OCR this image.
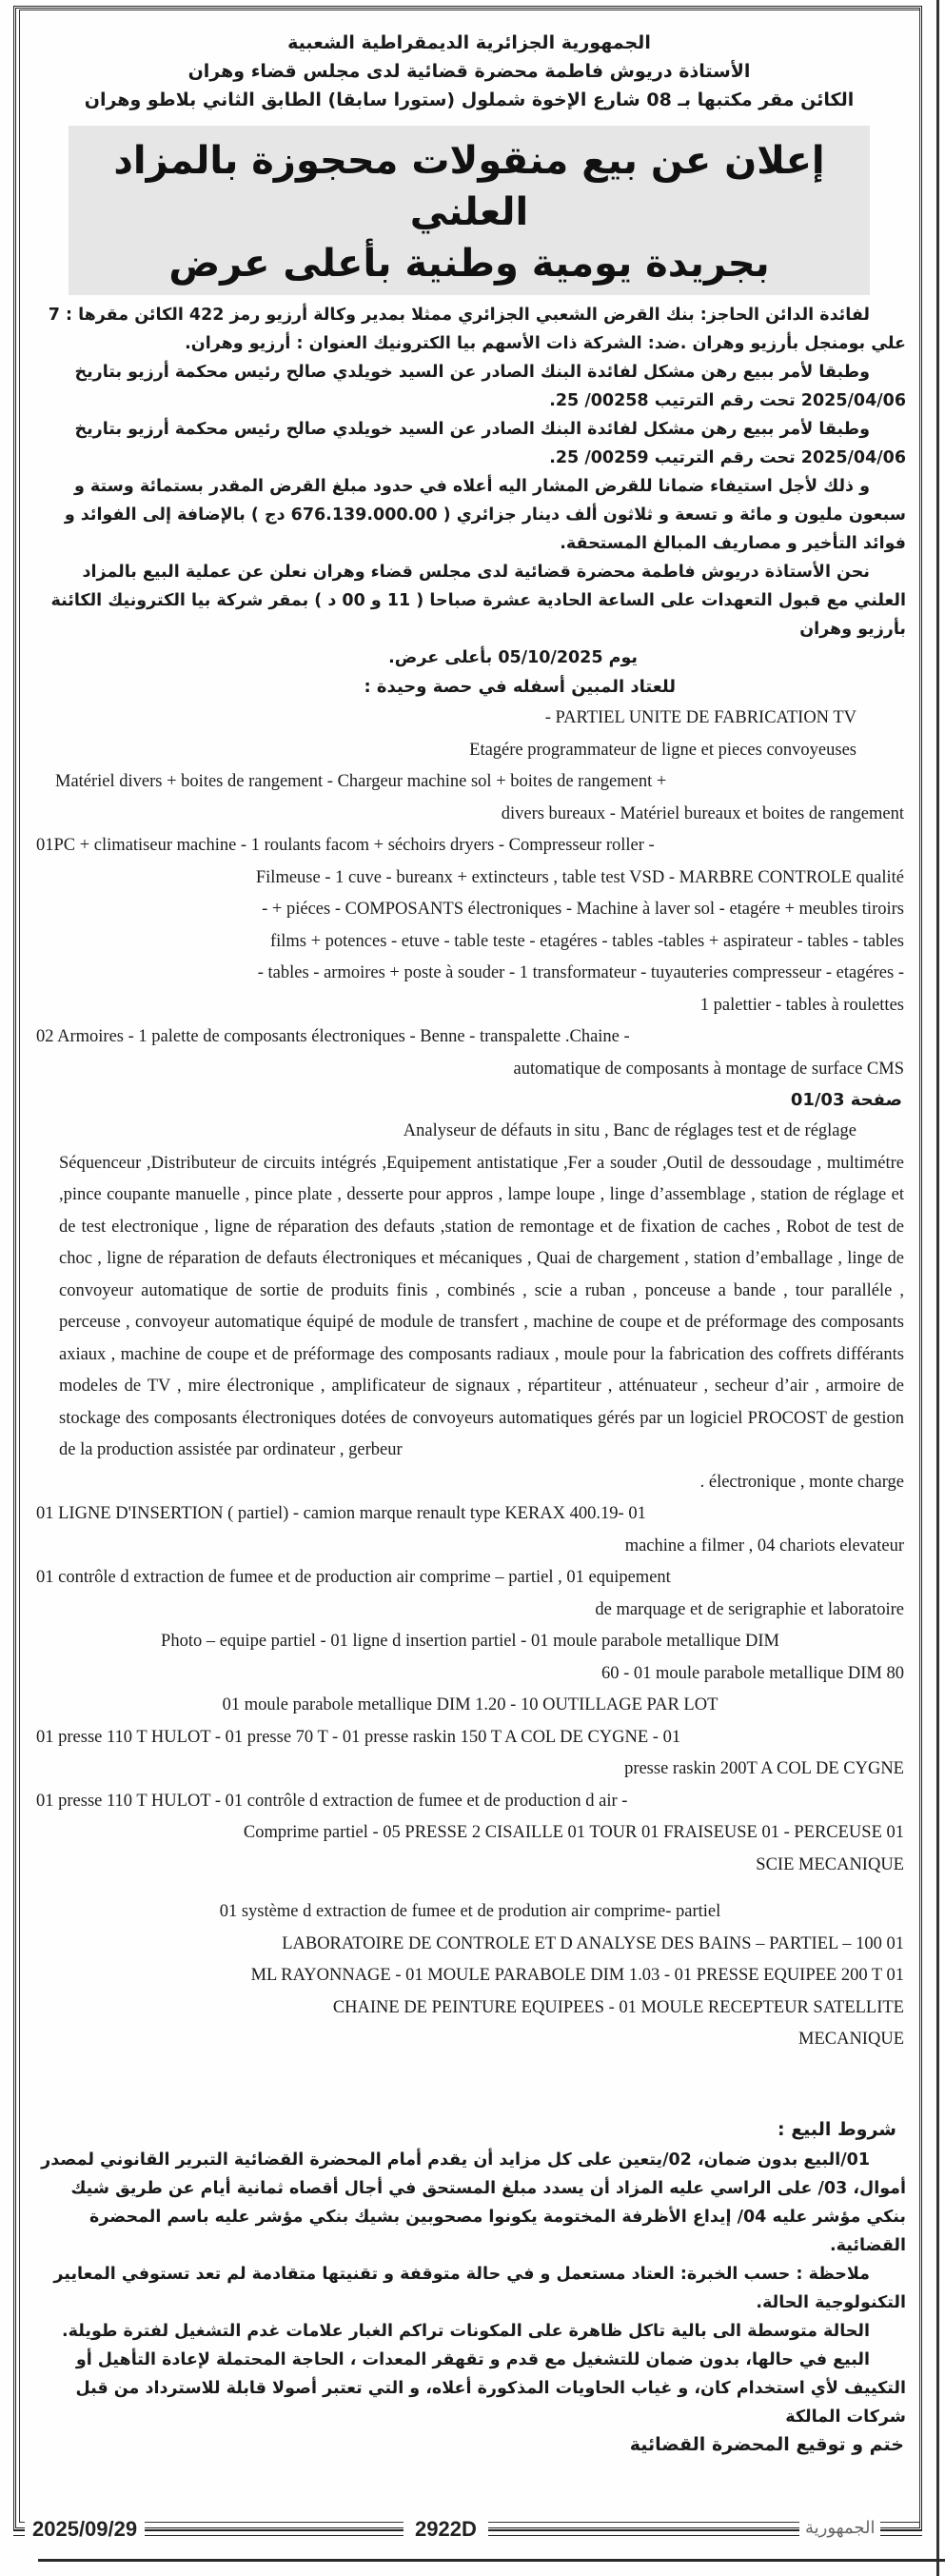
الجمهورية الجزائرية الديمقراطية الشعبية
الأستاذة دريوش فاطمة محضرة قضائية لدى مجلس قضاء وهران
الكائن مقر مكتبها بـ 08 شارع الإخوة شملول (ستورا سابقا) الطابق الثاني بلاطو وهران
إعلان عن بيع منقولات محجوزة بالمزاد العلني
بجريدة يومية وطنية بأعلى عرض

لفائدة الدائن الحاجز: بنك القرض الشعبي الجزائري ممثلا بمدير وكالة أرزيو رمز 422 الكائن مقرها : 7 علي بومنجل بأرزيو وهران .ضد: الشركة ذات الأسهم بيا الكترونيك العنوان : أرزيو وهران.

وطبقا لأمر ببيع رهن مشكل لفائدة البنك الصادر عن السيد خويلدي صالح رئيس محكمة أرزيو بتاريخ 2025/04/06 تحت رقم الترتيب 00258/ 25.

وطبقا لأمر ببيع رهن مشكل لفائدة البنك الصادر عن السيد خويلدي صالح رئيس محكمة أرزيو بتاريخ 2025/04/06 تحت رقم الترتيب 00259/ 25.

و ذلك لأجل استيفاء ضمانا للقرض المشار اليه أعلاه في حدود مبلغ القرض المقدر بستمائة وستة و سبعون مليون و مائة و تسعة و ثلاثون ألف دينار جزائري ( 676.139.000.00 دج ) بالإضافة إلى الفوائد و فوائد التأخير و مصاريف المبالغ المستحقة.

نحن الأستاذة دريوش فاطمة محضرة قضائية لدى مجلس قضاء وهران نعلن عن عملية البيع بالمزاد العلني مع قبول التعهدات على الساعة الحادية عشرة صباحا ( 11 و 00 د ) بمقر شركة بيا الكترونيك الكائنة بأرزيو وهران

يوم 05/10/2025 بأعلى عرض.
للعتاد المبين أسفله في حصة وحيدة :
- PARTIEL UNITE DE FABRICATION TV
Etagére programmateur de ligne et pieces convoyeuses
Matériel divers + boites de rangement - Chargeur machine sol + boites de rangement +
divers bureaux - Matériel bureaux et boites de rangement
01PC + climatiseur machine - 1 roulants facom + séchoirs dryers - Compresseur roller -
Filmeuse - 1 cuve - bureanx + extincteurs , table test VSD - MARBRE CONTROLE qualité
- + piéces - COMPOSANTS électroniques - Machine à laver sol - etagére + meubles tiroirs
films + potences - etuve - table teste - etagéres - tables -tables + aspirateur - tables - tables
- tables - armoires + poste à souder - 1 transformateur - tuyauteries compresseur - etagéres -
1 palettier - tables à roulettes
02 Armoires - 1 palette de composants électroniques - Benne - transpalette .Chaine -
automatique de composants à montage de surface CMS
صفحة 01/03
Analyseur de défauts in situ , Banc de réglages test et de réglage
Séquenceur ,Distributeur de circuits intégrés ,Equipement antistatique ,Fer a souder ,Outil de dessoudage , multimétre ,pince coupante manuelle , pince plate , desserte pour appros , lampe loupe , linge d’assemblage , station de réglage et de test electronique , ligne de réparation des defauts ,station de remontage et de fixation de caches , Robot de test de choc , ligne de réparation de defauts électroniques et mécaniques , Quai de chargement , station d’emballage , linge de convoyeur automatique de sortie de produits finis , combinés , scie a ruban , ponceuse a bande , tour paralléle , perceuse , convoyeur automatique équipé de module de transfert , machine de coupe et de préformage des composants axiaux , machine de coupe et de préformage des composants radiaux , moule pour la fabrication des coffrets différants modeles de TV , mire électronique , amplificateur de signaux , répartiteur , atténuateur , secheur d’air , armoire de stockage des composants électroniques dotées de convoyeurs automatiques gérés par un logiciel PROCOST de gestion de la production assistée par ordinateur , gerbeur
. électronique , monte charge
01 LIGNE D'INSERTION ( partiel) - camion marque renault type KERAX 400.19- 01
machine a filmer , 04 chariots elevateur
01 contrôle d extraction de fumee et de production air comprime – partiel , 01 equipement
de marquage et de serigraphie et laboratoire
Photo – equipe partiel - 01 ligne d insertion partiel - 01 moule parabole metallique DIM
60 - 01 moule parabole metallique DIM 80
01 moule parabole metallique DIM 1.20 - 10 OUTILLAGE PAR LOT
01 presse 110 T HULOT - 01 presse 70 T - 01 presse raskin 150 T A COL DE CYGNE - 01
presse raskin 200T A COL DE CYGNE
01 presse 110 T HULOT - 01 contrôle d extraction de fumee et de production d air -
Comprime partiel - 05 PRESSE 2 CISAILLE 01 TOUR 01 FRAISEUSE 01 - PERCEUSE 01
SCIE MECANIQUE
01 système d extraction de fumee et de prodution air comprime- partiel
LABORATOIRE DE CONTROLE ET D ANALYSE DES BAINS – PARTIEL – 100 01
ML RAYONNAGE - 01 MOULE PARABOLE DIM 1.03 - 01 PRESSE EQUIPEE 200 T 01
CHAINE DE PEINTURE EQUIPEES - 01 MOULE RECEPTEUR SATELLITE
MECANIQUE
شروط البيع :

01/البيع بدون ضمان، 02/يتعين على كل مزايد أن يقدم أمام المحضرة القضائية التبرير القانوني لمصدر أموال، 03/ على الراسي عليه المزاد أن يسدد مبلغ المستحق في أجال أقصاه ثمانية أيام عن طريق شيك بنكي مؤشر عليه 04/ إيداع الأظرفة المختومة يكونوا مصحوبين بشيك بنكي مؤشر عليه باسم المحضرة القضائية.

ملاحظة : حسب الخبرة: العتاد مستعمل و في حالة متوقفة و تقنيتها متقادمة لم تعد تستوفي المعايير التكنولوجية الحالة.

الحالة متوسطة الى بالية تاكل ظاهرة على المكونات تراكم الغبار علامات غدم التشغيل لفترة طويلة.

البيع في حالها، بدون ضمان للتشغيل مع قدم و تقهقر المعدات ، الحاجة المحتملة لإعادة التأهيل أو التكييف لأي استخدام كان، و غياب الحاويات المذكورة أعلاه، و التي تعتبر أصولا قابلة للاسترداد من قبل شركات المالكة

ختم و توقيع المحضرة القضائية
2025/09/29	2922D	الجمهورية
